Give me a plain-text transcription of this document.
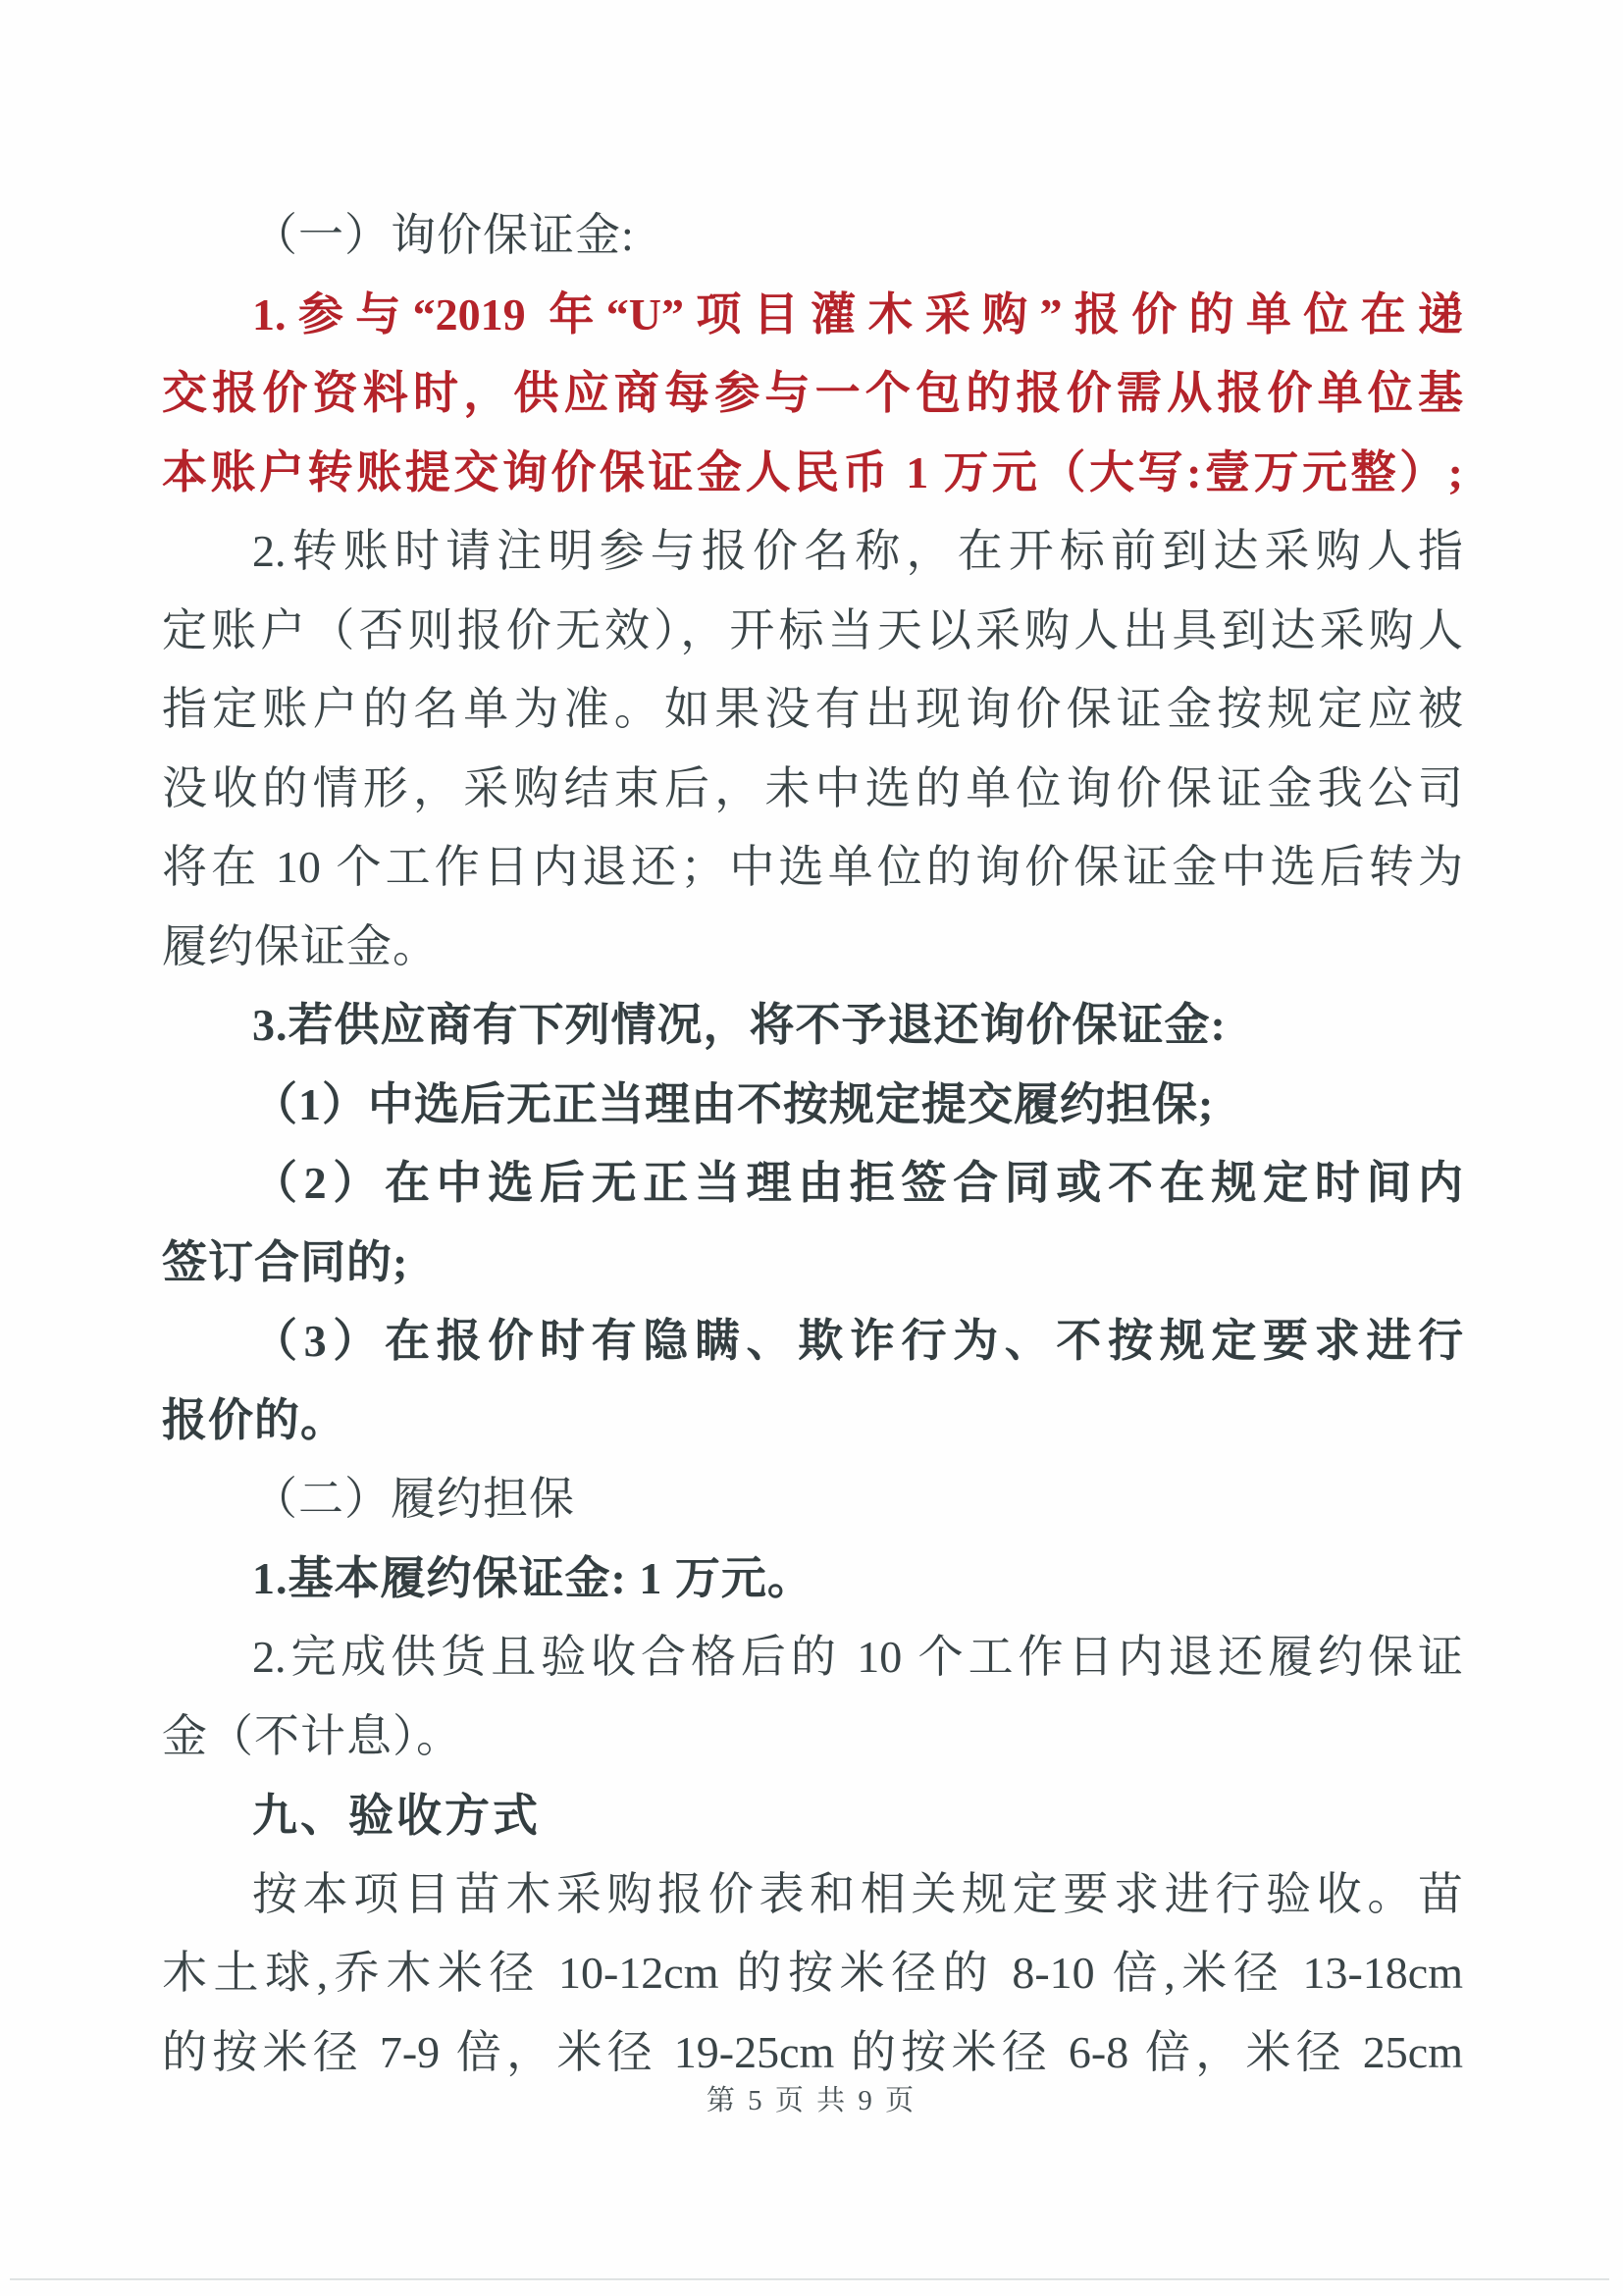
（一）询价保证金:
1.参与“2019 年“U”项目灌木采购”报价的单位在递
交报价资料时，供应商每参与一个包的报价需从报价单位基
本账户转账提交询价保证金人民币 1 万元（大写:壹万元整）;
2.转账时请注明参与报价名称，在开标前到达采购人指
定账户（否则报价无效），开标当天以采购人出具到达采购人
指定账户的名单为准。如果没有出现询价保证金按规定应被
没收的情形，采购结束后，未中选的单位询价保证金我公司
将在 10 个工作日内退还；中选单位的询价保证金中选后转为
履约保证金。
3.若供应商有下列情况，将不予退还询价保证金:
（1）中选后无正当理由不按规定提交履约担保;
（2）在中选后无正当理由拒签合同或不在规定时间内
签订合同的;
（3）在报价时有隐瞒、欺诈行为、不按规定要求进行
报价的。
（二）履约担保
1.基本履约保证金: 1 万元。
2.完成供货且验收合格后的 10 个工作日内退还履约保证
金（不计息）。
九、验收方式
按本项目苗木采购报价表和相关规定要求进行验收。苗
木土球,乔木米径 10-12cm 的按米径的 8-10 倍,米径 13-18cm
的按米径 7-9 倍，米径 19-25cm 的按米径 6-8 倍，米径 25cm
第 5 页 共 9 页
